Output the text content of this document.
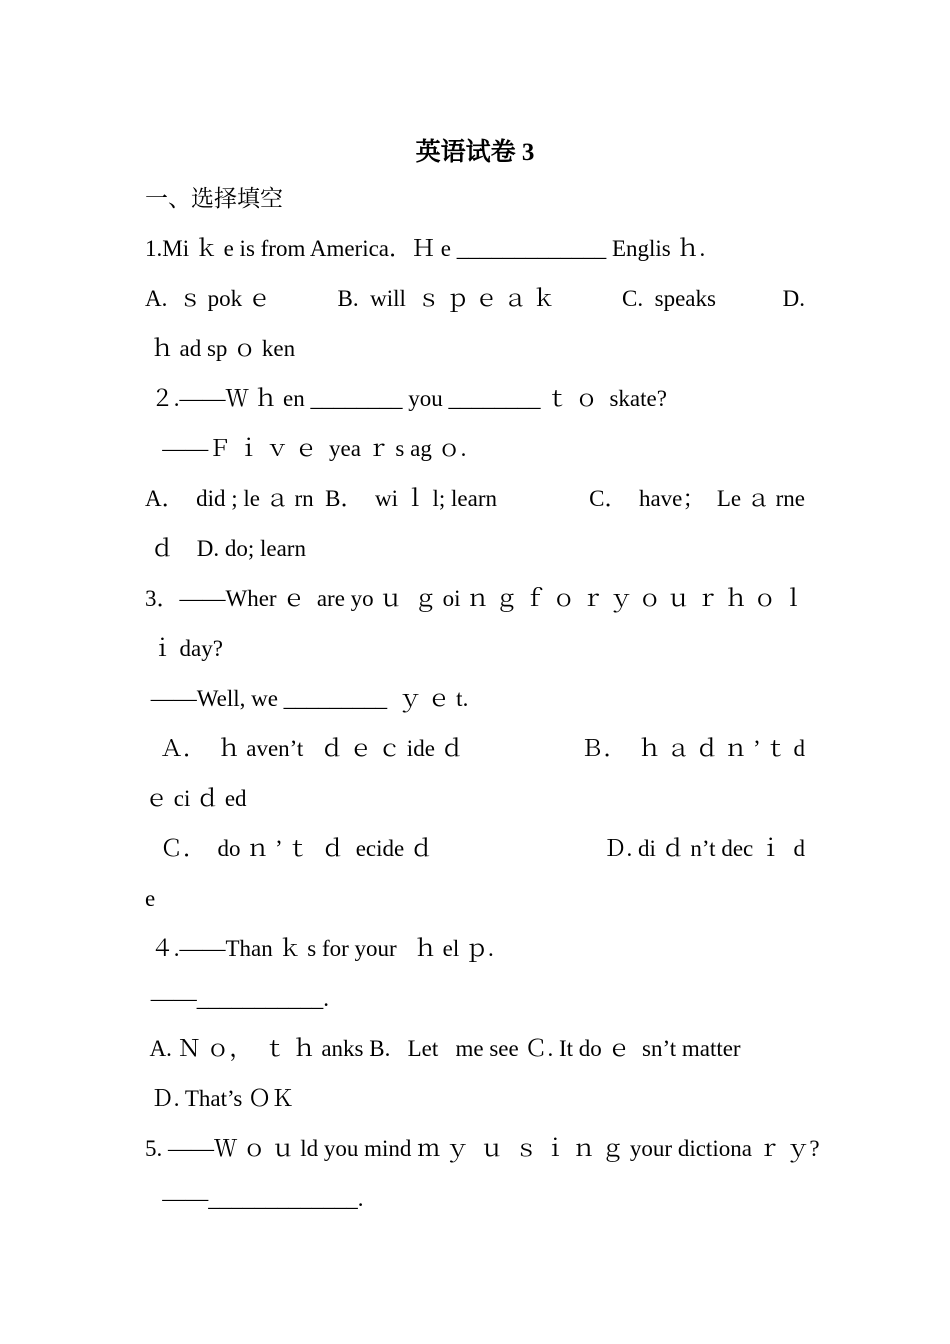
英语试卷 3
一、选择填空
1.Mi ｋ e is from America．Ｈ e _____________ Englis ｈ.
A.  ｓ pok ｅ	B.  will  ｓ ｐ ｅ ａ ｋ	C.  speaks	D.
ｈ ad sp ｏ ken
２.——Ｗ ｈ en ________ you ________ ｔ ｏ  skate?
——Ｆ ｉ ｖ ｅ  yea ｒ s ag ｏ.
A．  did ; le ａ rn  B．  wi ｌ l; learn	C．  have；  Le ａ rne
ｄ    D. do; learn
3．——Wher ｅ  are yo ｕ  ｇ oi ｎ ｇ ｆ ｏ ｒ ｙ ｏ ｕ ｒ ｈ ｏ ｌ
ｉ day?
——Well, we _________  ｙ ｅ t.
Ａ．  ｈ aven’t   ｄ ｅ ｃ ide ｄ	Ｂ．  ｈ ａ ｄ ｎ ’ ｔ d
ｅ ci ｄ ed
Ｃ．  do ｎ ’ ｔ  ｄ  ecide ｄ	Ｄ. di ｄ n’t dec ｉ  d
e
４.——Than ｋ s for your   ｈ el ｐ.
——___________.
A. Ｎ ｏ，  ｔ ｈ anks B.   Let   me see Ｃ. It do ｅ  sn’t matter
Ｄ. That’s ＯＫ
5. ——Ｗ ｏ ｕ ld you mind ｍ ｙ  ｕ  ｓ ｉ ｎ ｇ your dictiona ｒ ｙ?
——_____________.
